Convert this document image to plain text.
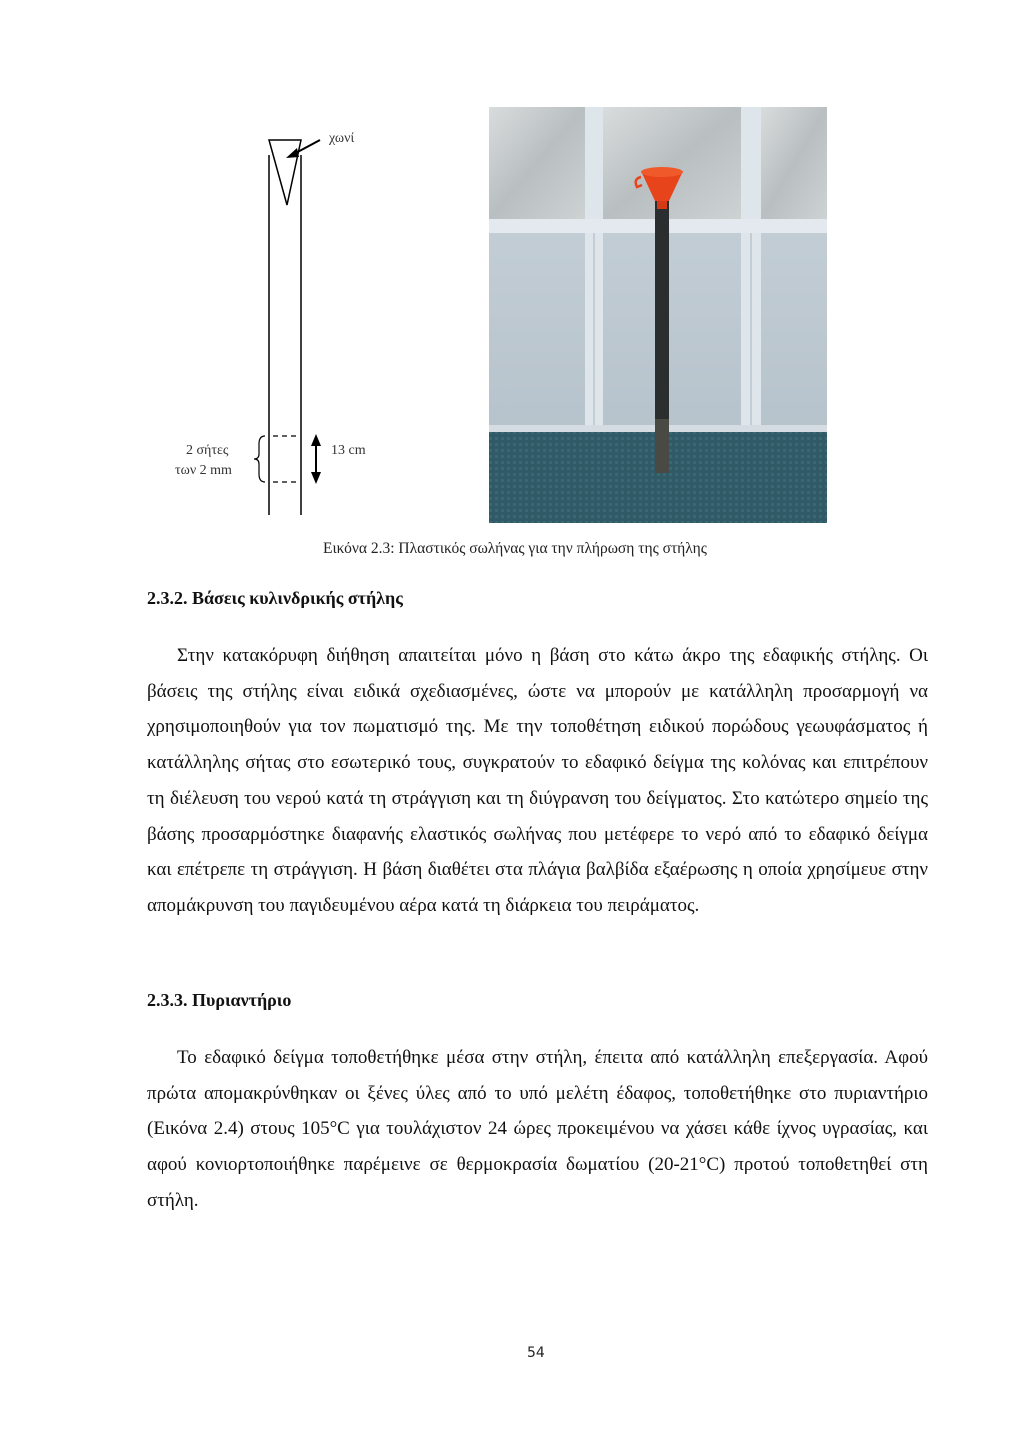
χωνί
2 σήτες
των 2 mm
13 cm
Εικόνα 2.3: Πλαστικός σωλήνας για την πλήρωση της στήλης
2.3.2. Βάσεις κυλινδρικής στήλης

Στην κατακόρυφη διήθηση απαιτείται μόνο η βάση στο κάτω άκρο της εδαφικής στήλης. Οι βάσεις της στήλης είναι ειδικά σχεδιασμένες, ώστε να μπορούν με κατάλληλη προσαρμογή να χρησιμοποιηθούν για τον πωματισμό της. Με την τοποθέτηση ειδικού πορώδους γεωυφάσματος ή κατάλληλης σήτας στο εσωτερικό τους, συγκρατούν το εδαφικό δείγμα της κολόνας και επιτρέπουν τη διέλευση του νερού κατά τη στράγγιση και τη διύγρανση του δείγματος. Στο κατώτερο σημείο της βάσης προσαρμόστηκε διαφανής ελαστικός σωλήνας που μετέφερε το νερό από το εδαφικό δείγμα και επέτρεπε τη στράγγιση. Η βάση διαθέτει στα πλάγια βαλβίδα εξαέρωσης η οποία χρησίμευε στην απομάκρυνση του παγιδευμένου αέρα κατά τη διάρκεια του πειράματος.

2.3.3. Πυριαντήριο

Το εδαφικό δείγμα τοποθετήθηκε μέσα στην στήλη, έπειτα από κατάλληλη επεξεργασία. Αφού πρώτα απομακρύνθηκαν οι ξένες ύλες από το υπό μελέτη έδαφος, τοποθετήθηκε στο πυριαντήριο (Εικόνα 2.4) στους 105°C για τουλάχιστον 24 ώρες προκειμένου να χάσει κάθε ίχνος υγρασίας, και αφού κονιορτοποιήθηκε παρέμεινε σε θερμοκρασία δωματίου (20-21°C) προτού τοποθετηθεί στη στήλη.

54
